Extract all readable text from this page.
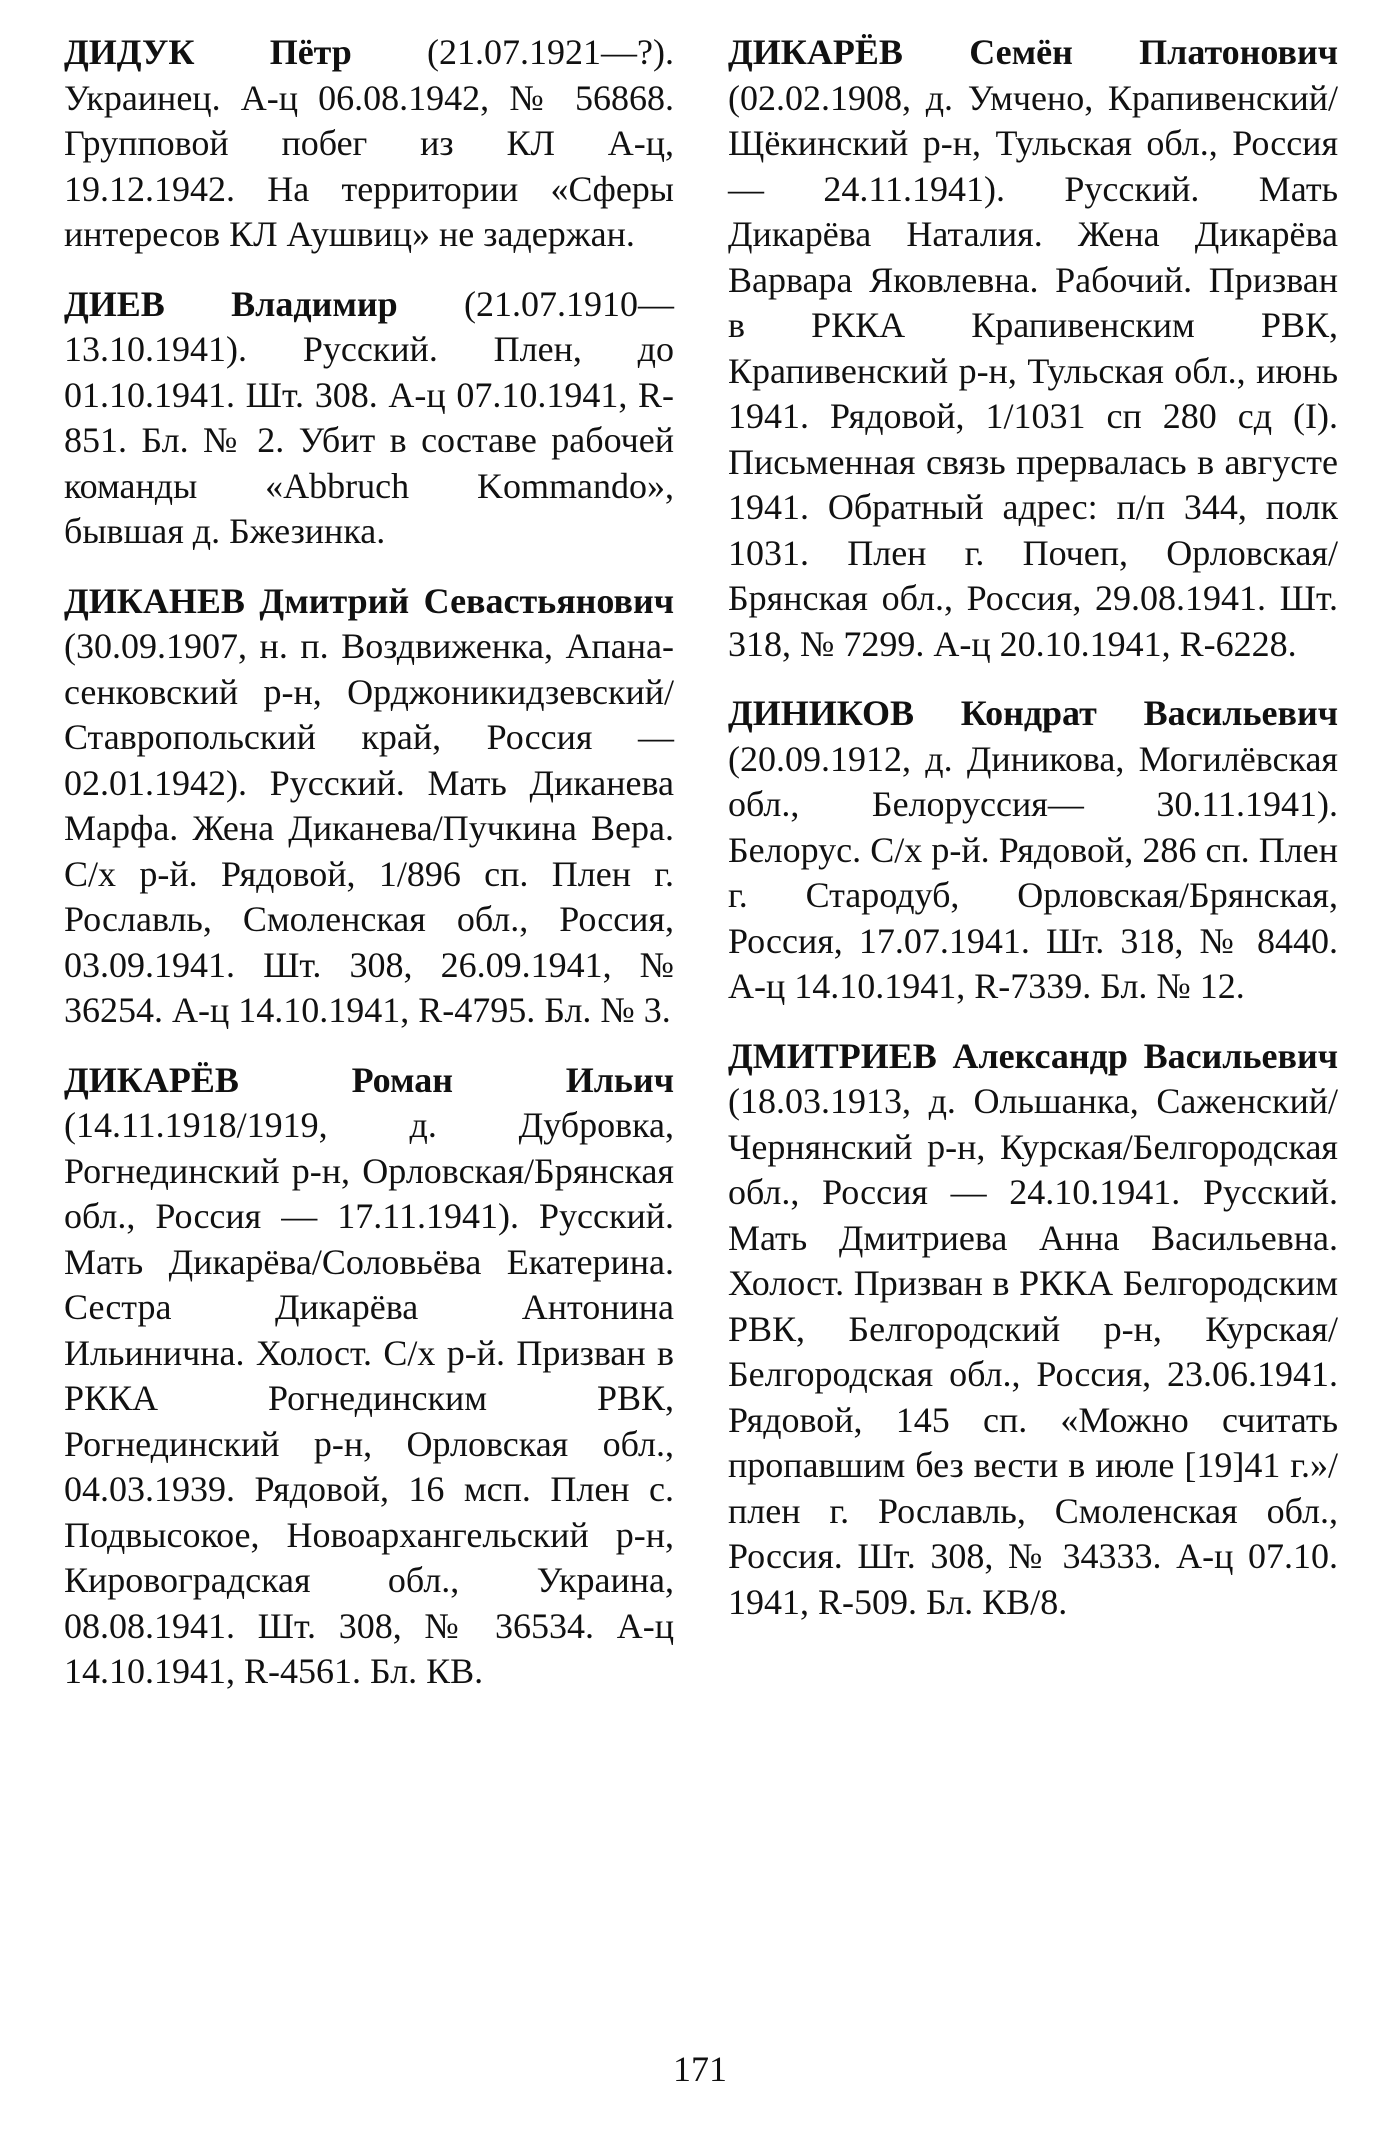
ДИДУК Пётр (21.07.1921—?). Украинец. А-ц 06.08.1942, № 56868. Групповой побег из КЛ А-ц, 19.12.1942. На территории «Сферы интересов КЛ Аушвиц» не задержан.

ДИЕВ Владимир (21.07.1910—13.10.1941). Русский. Плен, до 01.10.1941. Шт. 308. А-ц 07.10.1941, R-851. Бл. № 2. Убит в составе рабочей команды «Abbruch Kommando», бывшая д. Бжезинка.

ДИКАНЕВ Дмитрий Севастьянович (30.09.1907, н. п. Воздвиженка, Апанасенковский р-н, Орджоникидзевский/Ставропольский край, Россия — 02.01.1942). Русский. Мать Диканева Марфа. Жена Диканева/Пучкина Вера. С/х р-й. Рядовой, 1/896 сп. Плен г. Рославль, Смоленская обл., Россия, 03.09.1941. Шт. 308, 26.09.1941, № 36254. А-ц 14.10.1941, R-4795. Бл. № 3.

ДИКАРЁВ Роман Ильич (14.11.1918/1919, д. Дубровка, Рогнединский р-н, Орловская/Брянская обл., Россия — 17.11.1941). Русский. Мать Дикарёва/Соловьёва Екатерина. Сестра Дикарёва Антонина Ильинична. Холост. С/х р-й. Призван в РККА Рогнединским РВК, Рогнединский р-н, Орловская обл., 04.03.1939. Рядовой, 16 мсп. Плен с. Подвысокое, Новоархангельский р-н, Кировоградская обл., Украина, 08.08.1941. Шт. 308, № 36534. А-ц 14.10.1941, R-4561. Бл. КВ.

ДИКАРЁВ Семён Платонович (02.02.1908, д. Умчено, Крапивенский/Щёкинский р-н, Тульская обл., Россия — 24.11.1941). Русский. Мать Дикарёва Наталия. Жена Дикарёва Варвара Яковлевна. Рабочий. Призван в РККА Крапивенским РВК, Крапивенский р-н, Тульская обл., июнь 1941. Рядовой, 1/1031 сп 280 сд (I). Письменная связь прервалась в августе 1941. Обратный адрес: п/п 344, полк 1031. Плен г. Почеп, Орловская/Брянская обл., Россия, 29.08.1941. Шт. 318, № 7299. А-ц 20.10.1941, R-6228.

ДИНИКОВ Кондрат Васильевич (20.09.1912, д. Диникова, Могилёвская обл., Белоруссия— 30.11.1941). Белорус. С/х р-й. Рядовой, 286 сп. Плен г. Стародуб, Орловская/Брянская, Россия, 17.07.1941. Шт. 318, № 8440. А-ц 14.10.1941, R-7339. Бл. № 12.

ДМИТРИЕВ Александр Васильевич (18.03.1913, д. Ольшанка, Саженский/Чернянский р-н, Курская/Белгородская обл., Россия — 24.10.1941. Русский. Мать Дмитриева Анна Васильевна. Холост. Призван в РККА Белгородским РВК, Белгородский р-н, Курская/Белгородская обл., Россия, 23.06.1941. Рядовой, 145 сп. «Можно считать пропавшим без вести в июле [19]41 г.»/плен г. Рославль, Смоленская обл., Россия. Шт. 308, № 34333. А-ц 07.10. 1941, R-509. Бл. КВ/8.

171
